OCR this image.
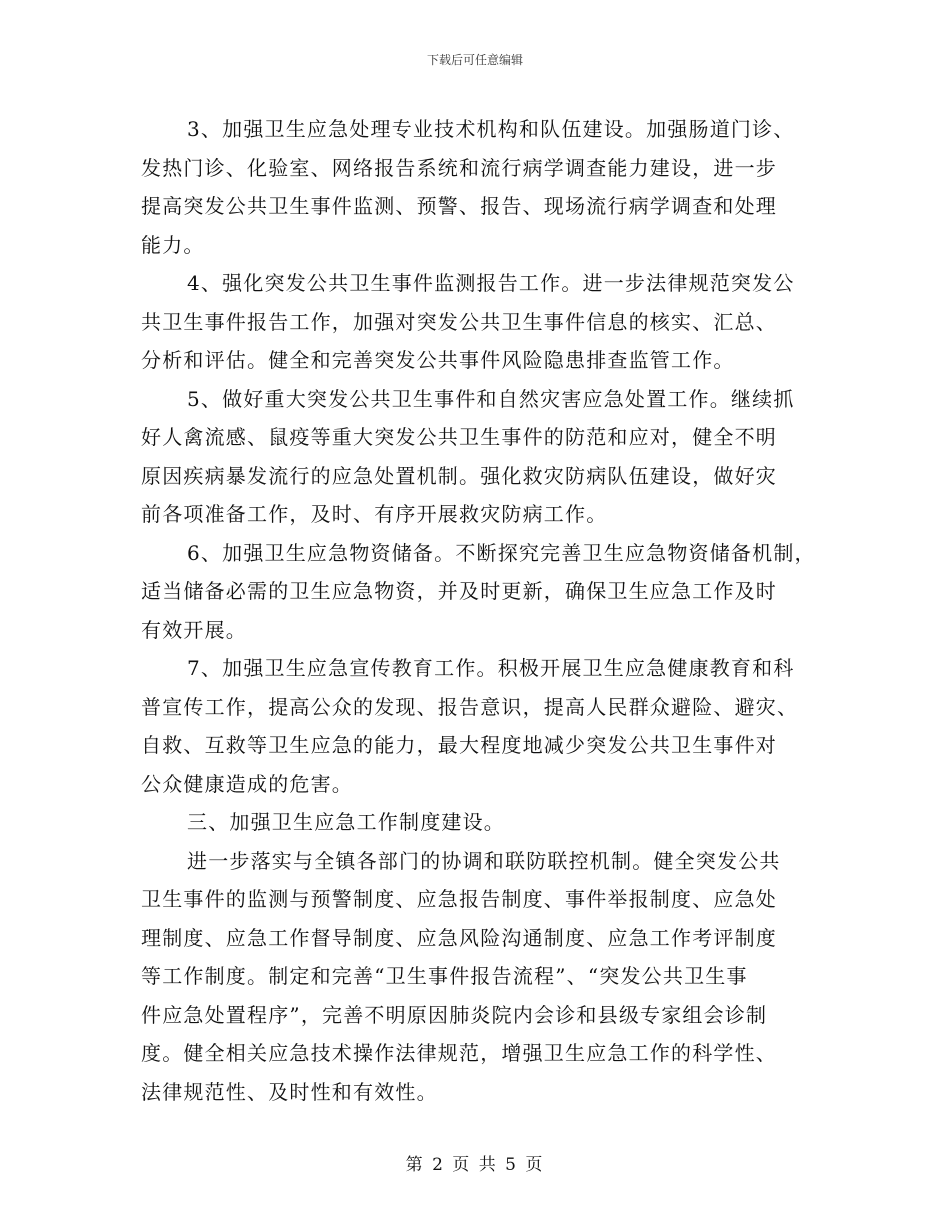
下载后可任意编辑
3、加强卫生应急处理专业技术机构和队伍建设。加强肠道门诊、
发热门诊、化验室、网络报告系统和流行病学调查能力建设，进一步
提高突发公共卫生事件监测、预警、报告、现场流行病学调查和处理
能力。
4、强化突发公共卫生事件监测报告工作。进一步法律规范突发公
共卫生事件报告工作，加强对突发公共卫生事件信息的核实、汇总、
分析和评估。健全和完善突发公共事件风险隐患排查监管工作。
5、做好重大突发公共卫生事件和自然灾害应急处置工作。继续抓
好人禽流感、鼠疫等重大突发公共卫生事件的防范和应对，健全不明
原因疾病暴发流行的应急处置机制。强化救灾防病队伍建设，做好灾
前各项准备工作，及时、有序开展救灾防病工作。
6、加强卫生应急物资储备。不断探究完善卫生应急物资储备机制，
适当储备必需的卫生应急物资，并及时更新，确保卫生应急工作及时
有效开展。
7、加强卫生应急宣传教育工作。积极开展卫生应急健康教育和科
普宣传工作，提高公众的发现、报告意识，提高人民群众避险、避灾、
自救、互救等卫生应急的能力，最大程度地减少突发公共卫生事件对
公众健康造成的危害。
三、加强卫生应急工作制度建设。
进一步落实与全镇各部门的协调和联防联控机制。健全突发公共
卫生事件的监测与预警制度、应急报告制度、事件举报制度、应急处
理制度、应急工作督导制度、应急风险沟通制度、应急工作考评制度
等工作制度。制定和完善“卫生事件报告流程”、“突发公共卫生事
件应急处置程序”，完善不明原因肺炎院内会诊和县级专家组会诊制
度。健全相关应急技术操作法律规范，增强卫生应急工作的科学性、
法律规范性、及时性和有效性。
第 2 页 共 5 页
